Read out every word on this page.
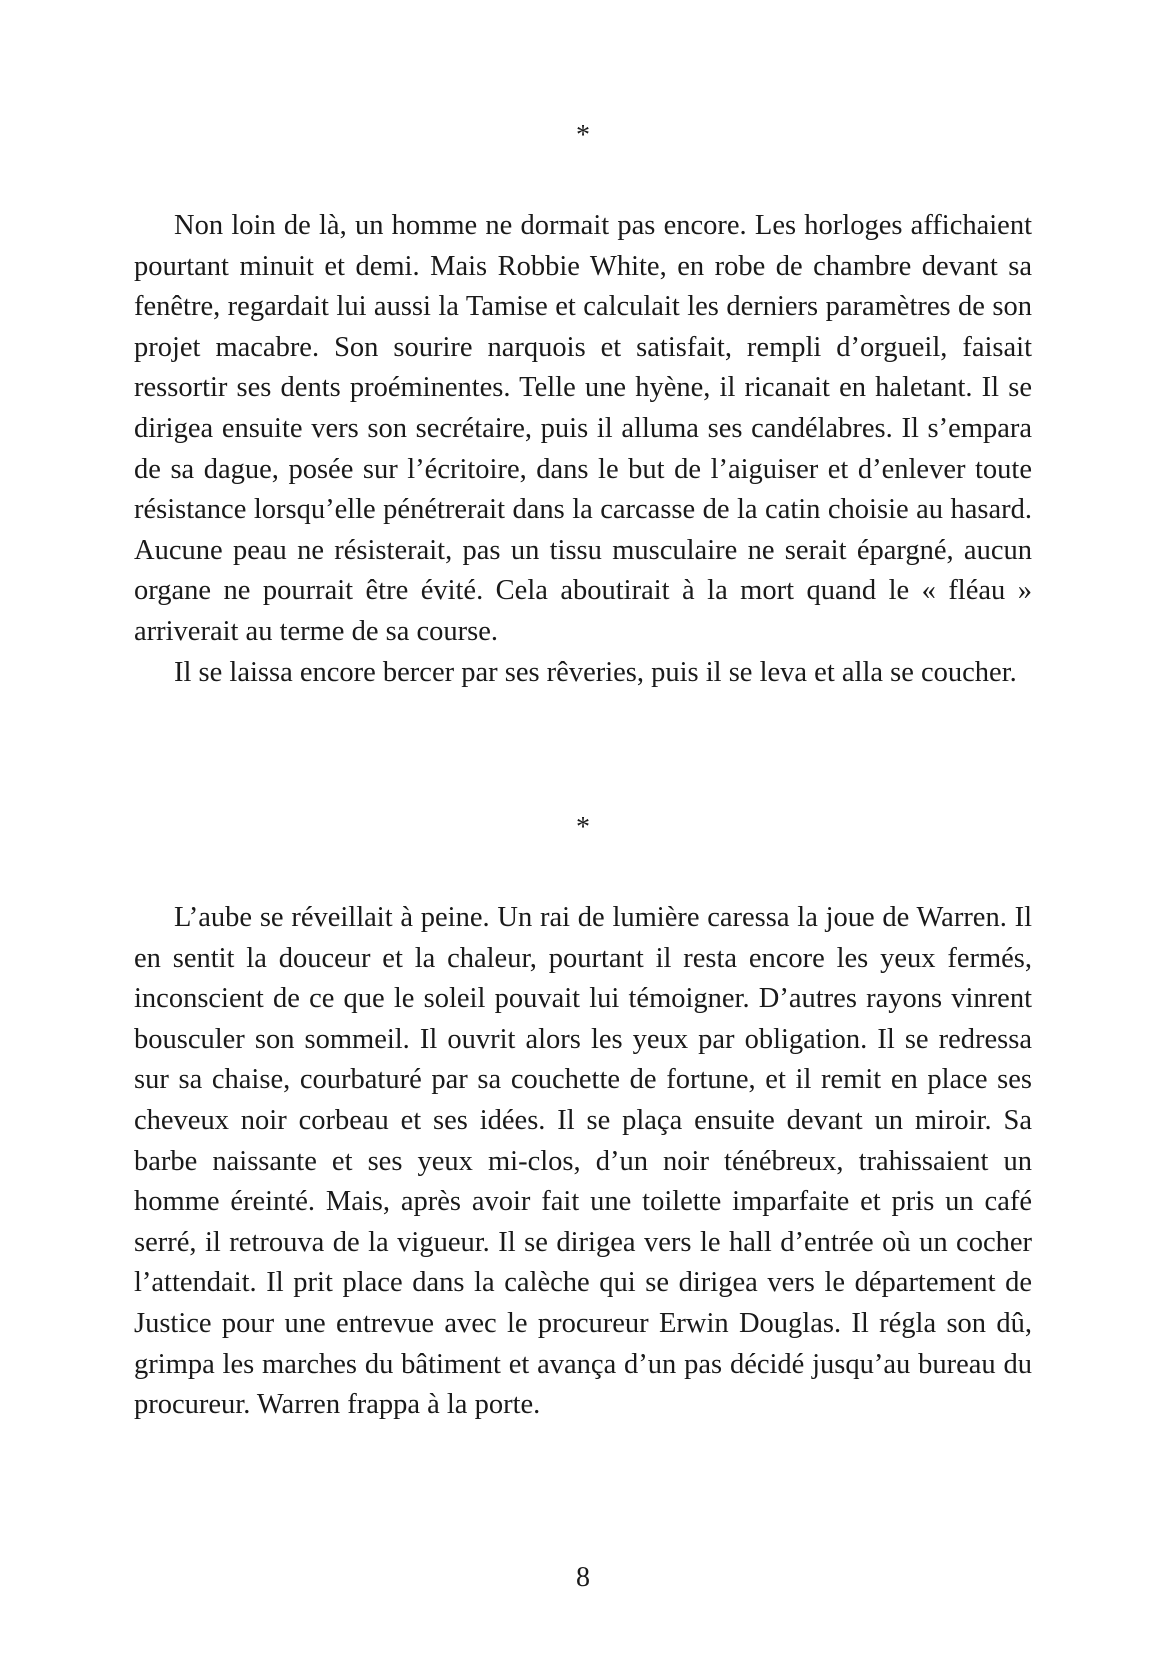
*

Non loin de là, un homme ne dormait pas encore. Les horloges affichaient pourtant minuit et demi. Mais Robbie White, en robe de chambre devant sa fenêtre, regardait lui aussi la Tamise et calculait les derniers paramètres de son projet macabre. Son sourire narquois et satisfait, rempli d’orgueil, faisait ressortir ses dents proéminentes. Telle une hyène, il ricanait en haletant. Il se dirigea ensuite vers son secrétaire, puis il alluma ses candélabres. Il s’empara de sa dague, posée sur l’écritoire, dans le but de l’aiguiser et d’enlever toute résistance lorsqu’elle pénétrerait dans la carcasse de la catin choisie au hasard. Aucune peau ne résisterait, pas un tissu musculaire ne serait épargné, aucun organe ne pourrait être évité. Cela aboutirait à la mort quand le « fléau » arriverait au terme de sa course.

Il se laissa encore bercer par ses rêveries, puis il se leva et alla se coucher.

*

L’aube se réveillait à peine. Un rai de lumière caressa la joue de Warren. Il en sentit la douceur et la chaleur, pourtant il resta encore les yeux fermés, inconscient de ce que le soleil pouvait lui témoigner. D’autres rayons vinrent bousculer son sommeil. Il ouvrit alors les yeux par obligation. Il se redressa sur sa chaise, courbaturé par sa couchette de fortune, et il remit en place ses cheveux noir corbeau et ses idées. Il se plaça ensuite devant un miroir. Sa barbe naissante et ses yeux mi-clos, d’un noir ténébreux, trahissaient un homme éreinté. Mais, après avoir fait une toilette imparfaite et pris un café serré, il retrouva de la vigueur. Il se dirigea vers le hall d’entrée où un cocher l’attendait. Il prit place dans la calèche qui se dirigea vers le département de Justice pour une entrevue avec le procureur Erwin Douglas. Il régla son dû, grimpa les marches du bâtiment et avança d’un pas décidé jusqu’au bureau du procureur. Warren frappa à la porte.

8
